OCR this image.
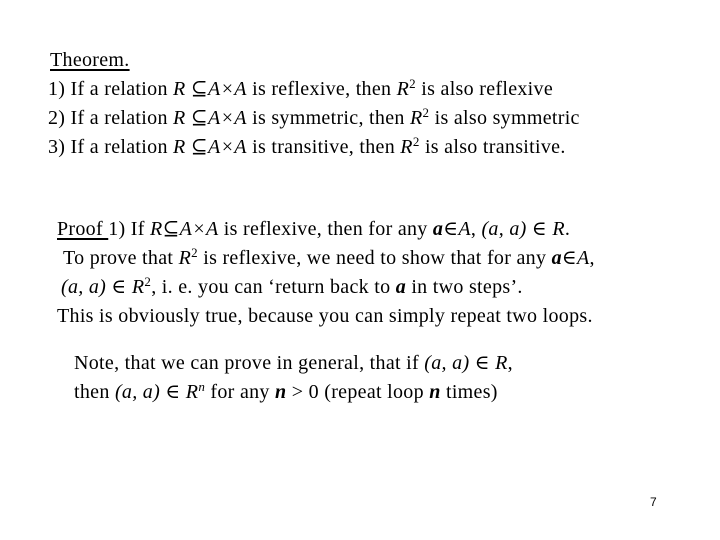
Theorem.
1) If a relation R ⊆A×A is reflexive, then $R^2$ is also reflexive
2) If a relation R ⊆A×A is symmetric, then $R^2$ is also symmetric
3) If a relation R ⊆A×A is transitive, then $R^2$ is also transitive.
Proof 1) If R⊆A×A is reflexive, then for any a∈A, (a, a) ∈ R.
To prove that $R^2$ is reflexive, we need to show that for any a∈A,
(a, a) ∈ $R^2$, i. e. you can ‘return back to a in two steps’.
This is obviously true, because you can simply repeat two loops.
Note, that we can prove in general, that if (a, a) ∈ R,
then (a, a) ∈ $R^n$ for any n > 0 (repeat loop n times)
7
